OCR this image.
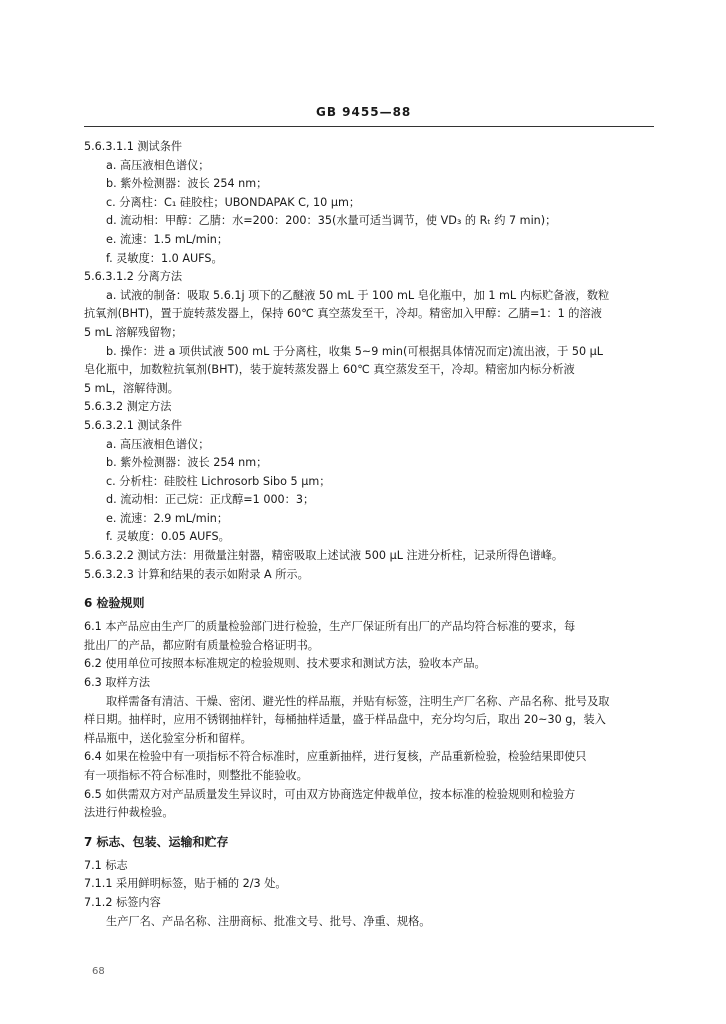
GB 9455—88
5.6.3.1.1 测试条件
a. 高压液相色谱仪；
b. 紫外检测器：波长 254 nm；
c. 分离柱：C₁ 硅胶柱；UBONDAPAK C, 10 μm；
d. 流动相：甲醇：乙腈：水=200：200：35(水量可适当调节，使 VD₃ 的 Rₜ 约 7 min)；
e. 流速：1.5 mL/min；
f. 灵敏度：1.0 AUFS。
5.6.3.1.2 分离方法
a. 试液的制备：吸取 5.6.1j 项下的乙醚液 50 mL 于 100 mL 皂化瓶中，加 1 mL 内标贮备液，数粒
抗氧剂(BHT)，置于旋转蒸发器上，保持 60℃ 真空蒸发至干，冷却。精密加入甲醇：乙腈=1：1 的溶液
5 mL 溶解残留物；
b. 操作：进 a 项供试液 500 mL 于分离柱，收集 5~9 min(可根据具体情况而定)流出液，于 50 μL
皂化瓶中，加数粒抗氧剂(BHT)，装于旋转蒸发器上 60℃ 真空蒸发至干，冷却。精密加内标分析液
5 mL，溶解待测。
5.6.3.2 测定方法
5.6.3.2.1 测试条件
a. 高压液相色谱仪；
b. 紫外检测器：波长 254 nm；
c. 分析柱：硅胶柱 Lichrosorb Sibo 5 μm；
d. 流动相：正己烷：正戊醇=1 000：3；
e. 流速：2.9 mL/min；
f. 灵敏度：0.05 AUFS。
5.6.3.2.2 测试方法：用微量注射器，精密吸取上述试液 500 μL 注进分析柱，记录所得色谱峰。
5.6.3.2.3 计算和结果的表示如附录 A 所示。
6 检验规则
6.1 本产品应由生产厂的质量检验部门进行检验，生产厂保证所有出厂的产品均符合标准的要求，每
批出厂的产品，都应附有质量检验合格证明书。
6.2 使用单位可按照本标准规定的检验规则、技术要求和测试方法，验收本产品。
6.3 取样方法
取样需备有清洁、干燥、密闭、避光性的样品瓶，并贴有标签，注明生产厂名称、产品名称、批号及取
样日期。抽样时，应用不锈钢抽样针，每桶抽样适量，盛于样品盘中，充分均匀后，取出 20~30 g，装入
样品瓶中，送化验室分析和留样。
6.4 如果在检验中有一项指标不符合标准时，应重新抽样，进行复核，产品重新检验，检验结果即使只
有一项指标不符合标准时，则整批不能验收。
6.5 如供需双方对产品质量发生异议时，可由双方协商选定仲裁单位，按本标准的检验规则和检验方
法进行仲裁检验。
7 标志、包装、运输和贮存
7.1 标志
7.1.1 采用鲜明标签，贴于桶的 2/3 处。
7.1.2 标签内容
生产厂名、产品名称、注册商标、批准文号、批号、净重、规格。
68
